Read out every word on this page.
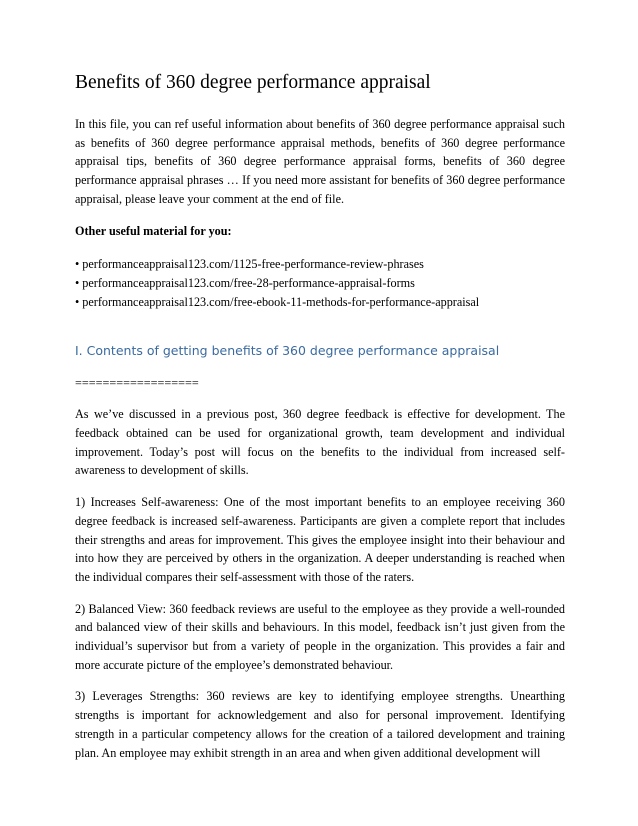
Benefits of 360 degree performance appraisal

In this file, you can ref useful information about benefits of 360 degree performance appraisal such as benefits of 360 degree performance appraisal methods, benefits of 360 degree performance appraisal tips, benefits of 360 degree performance appraisal forms, benefits of 360 degree performance appraisal phrases … If you need more assistant for benefits of 360 degree performance appraisal, please leave your comment at the end of file.

Other useful material for you:
• performanceappraisal123.com/1125-free-performance-review-phrases
• performanceappraisal123.com/free-28-performance-appraisal-forms
• performanceappraisal123.com/free-ebook-11-methods-for-performance-appraisal
I. Contents of getting benefits of 360 degree performance appraisal
==================

As we’ve discussed in a previous post, 360 degree feedback is effective for development. The feedback obtained can be used for organizational growth, team development and individual improvement. Today’s post will focus on the benefits to the individual from increased self-awareness to development of skills.

1) Increases Self-awareness: One of the most important benefits to an employee receiving 360 degree feedback is increased self-awareness. Participants are given a complete report that includes their strengths and areas for improvement. This gives the employee insight into their behaviour and into how they are perceived by others in the organization. A deeper understanding is reached when the individual compares their self-assessment with those of the raters.

2) Balanced View: 360 feedback reviews are useful to the employee as they provide a well-rounded and balanced view of their skills and behaviours. In this model, feedback isn’t just given from the individual’s supervisor but from a variety of people in the organization. This provides a fair and more accurate picture of the employee’s demonstrated behaviour.

3) Leverages Strengths: 360 reviews are key to identifying employee strengths. Unearthing strengths is important for acknowledgement and also for personal improvement. Identifying strength in a particular competency allows for the creation of a tailored development and training plan. An employee may exhibit strength in an area and when given additional development will
